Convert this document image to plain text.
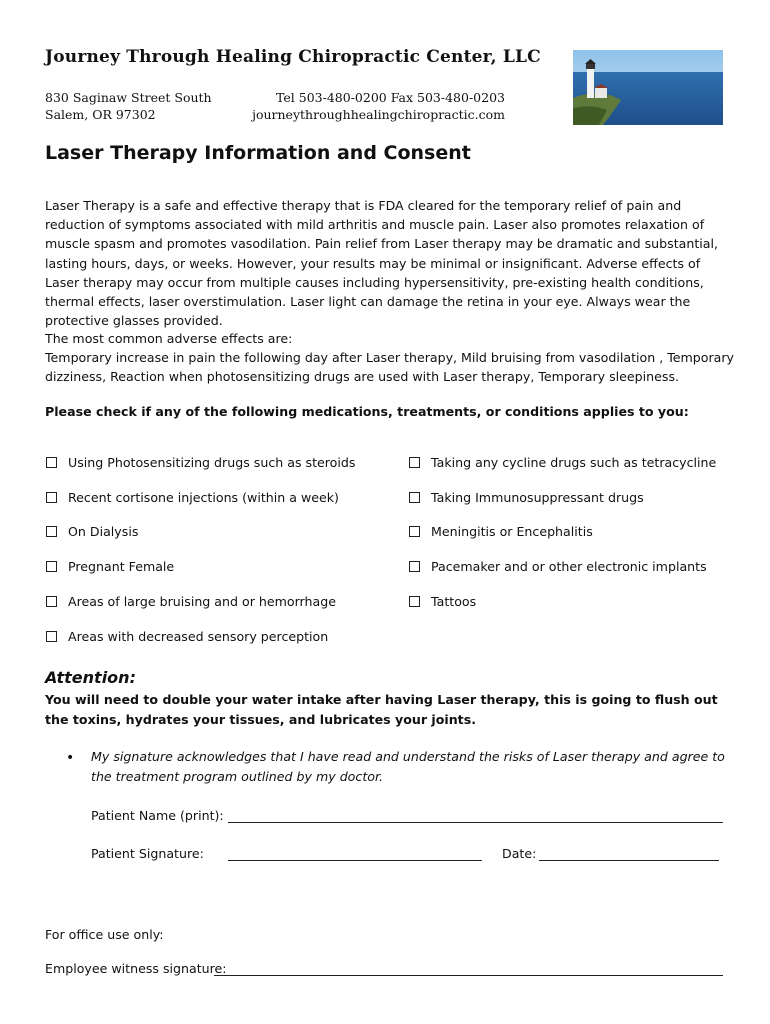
Journey Through Healing Chiropractic Center, LLC
830 Saginaw Street South
Salem, OR 97302
Tel 503-480-0200 Fax 503-480-0203
journeythroughhealingchiropractic.com
Laser Therapy Information and Consent
Laser Therapy is a safe and effective therapy that is FDA cleared for the temporary relief of pain and reduction of symptoms associated with mild arthritis and muscle pain. Laser also promotes relaxation of muscle spasm and promotes vasodilation. Pain relief from Laser therapy may be dramatic and substantial, lasting hours, days, or weeks. However, your results may be minimal or insignificant. Adverse effects of Laser therapy may occur from multiple causes including hypersensitivity, pre-existing health conditions, thermal effects, laser overstimulation. Laser light can damage the retina in your eye. Always wear the protective glasses provided.
The most common adverse effects are:
Temporary increase in pain the following day after Laser therapy, Mild bruising from vasodilation , Temporary dizziness, Reaction when photosensitizing drugs are used with Laser therapy, Temporary sleepiness.
Please check if any of the following medications, treatments, or conditions applies to you:
Using Photosensitizing drugs such as steroids
Recent cortisone injections (within a week)
On Dialysis
Pregnant Female
Areas of large bruising and or hemorrhage
Areas with decreased sensory perception
Taking any cycline drugs such as tetracycline
Taking Immunosuppressant drugs
Meningitis or Encephalitis
Pacemaker and or other electronic implants
Tattoos
Attention:
You will need to double your water intake after having Laser therapy, this is going to flush out the toxins, hydrates your tissues, and lubricates your joints.
• My signature acknowledges that I have read and understand the risks of Laser therapy and agree to the treatment program outlined by my doctor.
Patient Name (print):
Patient Signature:	Date:
For office use only:
Employee witness signature:
